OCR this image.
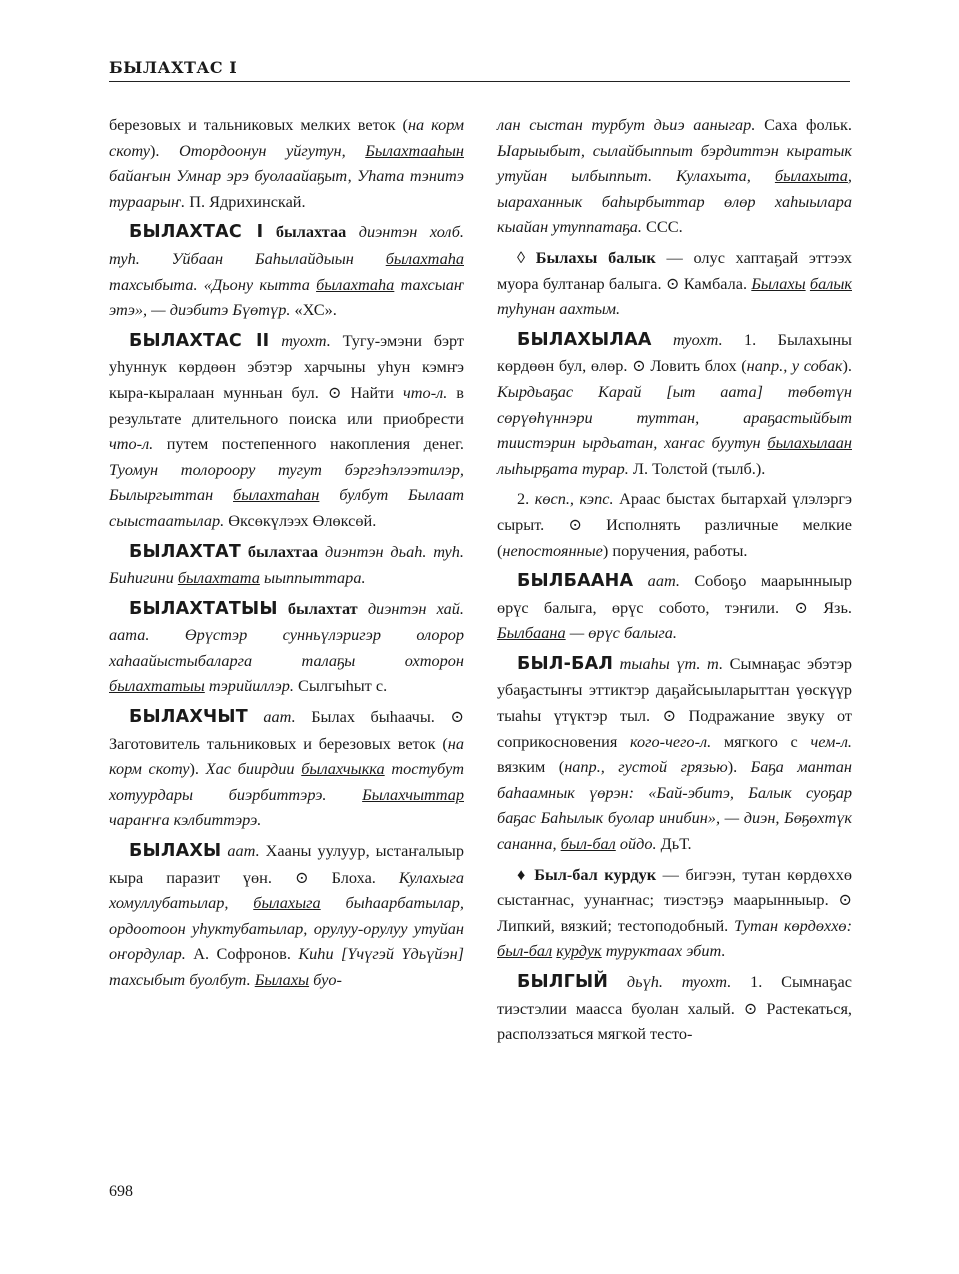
БЫЛАХТАС I

березовых и тальниковых мелких веток (на корм скоту). Отордоонун уйгутун, Былахтааһын байаҥын Умнар эрэ буолаайаҕыт, Уһата тэнитэ тураарыҥ. П. Ядрихинскай.

БЫЛАХТАС I былахтаа диэнтэн холб. туһ. Уйбаан Баһылайдыын былахтаһа тахсыбыта. «Дьону кытта былахтаһа тахсыаҥ этэ», — диэбитэ Бүөтүр. «ХС».

БЫЛАХТАС II туохт. Тугу-эмэни бэрт уһуннук көрдөөн эбэтэр харчыны уһун кэмҥэ кыра-кыралаан мунньан бул. ⊙ Найти что-л. в результате длительного поиска или приобрести что-л. путем постепенного накопления денег. Туомун толороору тугут бэргэһэлээтилэр, Былыргыттан былахтаһан булбут Былаат сыыстаатылар. Өксөкүлээх Өлөксөй.

БЫЛАХТАТ былахтаа диэнтэн дьаһ. туһ. Биһигини былахтата ыыппыттара.

БЫЛАХТАТЫЫ былахтат диэнтэн хай. аата. Өрүстэр сунньүлэригэр олорор хаһаайыстыбаларга талаҕы охторон былахтатыы тэрийиллэр. Сылгыһыт с.

БЫЛАХЧЫТ аат. Былах быһаачы. ⊙ Заготовитель тальниковых и березовых веток (на корм скоту). Хас биирдии былахчыкка тостубут хотуурдары биэрбиттэрэ. Былахчыттар чараҥҥа кэлбиттэрэ.

БЫЛАХЫ аат. Хааны уулуур, ыстаҥалыыр кыра паразит үөн. ⊙ Блоха. Кулахыга хомуллубатылар, былахыга быһаарбатылар, ордоотоон уһуктубатылар, орулуу-орулуу утуйан оҥордулар. А. Софронов. Киһи [Үчүгэй Үдьүйэн] тахсыбыт буолбут. Былахы буо-

лан сыстан турбут дьиэ ааныгар. Саха фольк. Ыарыыбыт, сылайбыппыт бэрдиттэн кыратык утуйан ылбыппыт. Кулахыта, былахыта, ыараханнык баһырбыттар өлөр хаһыылара кыайан утуппатаҕа. ССС.

◊ Былахы балык — олус хаптаҕай эттээх муора бултанар балыга. ⊙ Камбала. Былахы балык туһунан аахтым.

БЫЛАХЫЛАА туохт. 1. Былахыны көрдөөн бул, өлөр. ⊙ Ловить блох (напр., у собак). Кырдьаҕас Карай [ыт аата] төбөтүн сөрүөһүннэри туттан, араҕастыйбыт тиистэрин ырдьатан, хаҥас буутун былахылаан лыһырҕата турар. Л. Толстой (тылб.).

2. көсп., кэпс. Араас быстах бытархай үлэлэргэ сырыт. ⊙ Исполнять различные мелкие (непостоянные) поручения, работы.

БЫЛБААНА аат. Собоҕо маарынныыр өрүс балыга, өрүс собото, тэҥили. ⊙ Язь. Былбаана — өрүс балыга.

БЫЛ-БАЛ тыаһы үт. т. Сымнаҕас эбэтэр убаҕастыҥы эттиктэр даҕайсыыларыттан үөскүүр тыаһы үтүктэр тыл. ⊙ Подражание звуку от соприкосновения кого-чего-л. мягкого с чем-л. вязким (напр., густой грязью). Баҕа мантан баһаамнык үөрэн: «Бай-эбитэ, Балык суоҕар баҕас Баһылык буолар инибин», — диэн, Бөҕөхтүк сананна, был-бал ойдо. ДьТ.

♦ Был-бал курдук — бигээн, тутан көрдөххө сыстаҥнас, уунаҥнас; тиэстэҕэ маарынныыр. ⊙ Липкий, вязкий; тестоподобный. Тутан көрдөххө: был-бал курдук туруктаах эбит.

БЫЛГЫЙ дьүһ. туохт. 1. Сымнаҕас тиэстэлии маасса буолан халый. ⊙ Растекаться, располззаться мягкой тесто-

698
